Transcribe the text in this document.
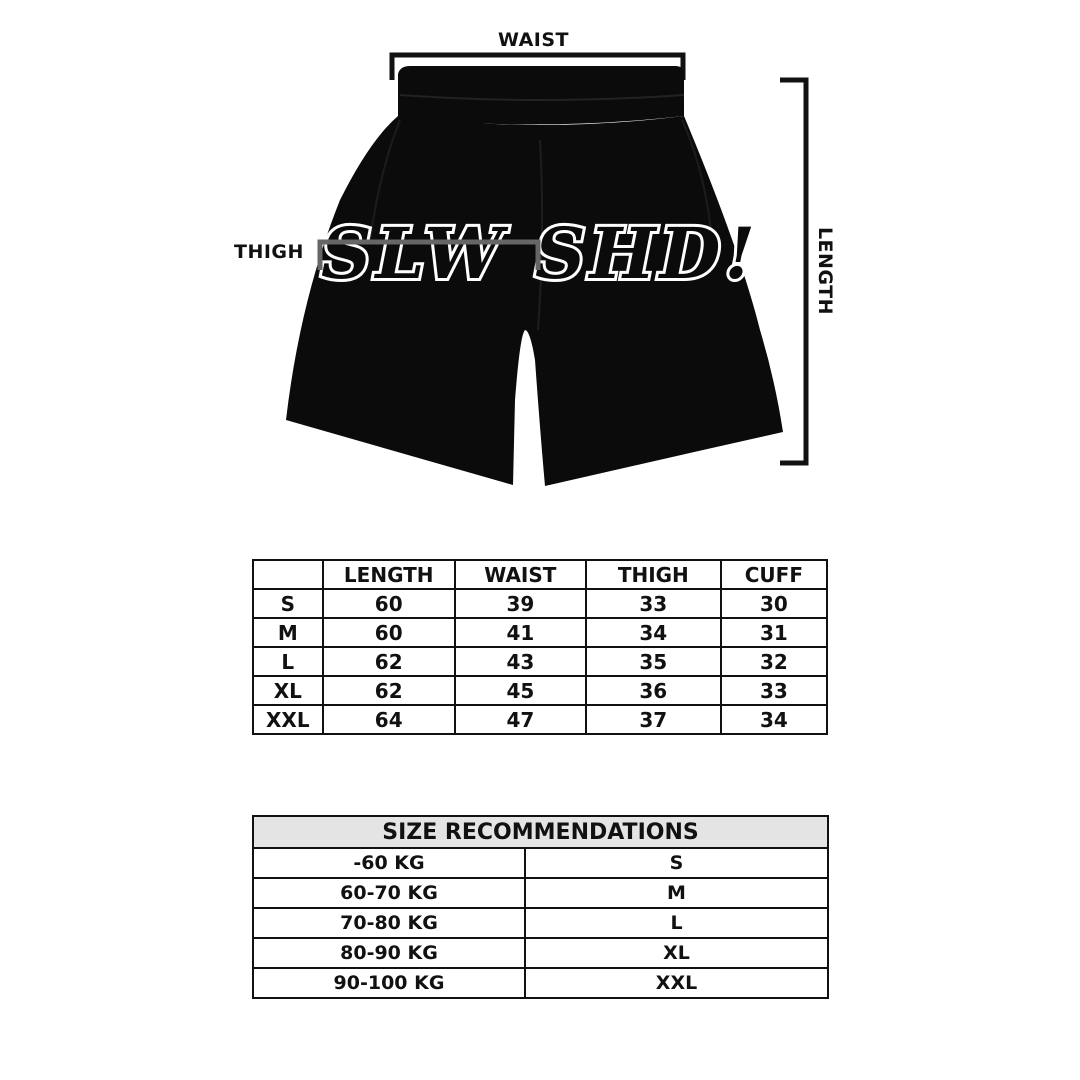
WAIST
THIGH	LENGTH
SLW SHD!
	LENGTH	WAIST	THIGH	CUFF
S	60	39	33	30
M	60	41	34	31
L	62	43	35	32
XL	62	45	36	33
XXL	64	47	37	34
SIZE RECOMMENDATIONS	
-60 KG	S
60-70 KG	M
70-80 KG	L
80-90 KG	XL
90-100 KG	XXL
